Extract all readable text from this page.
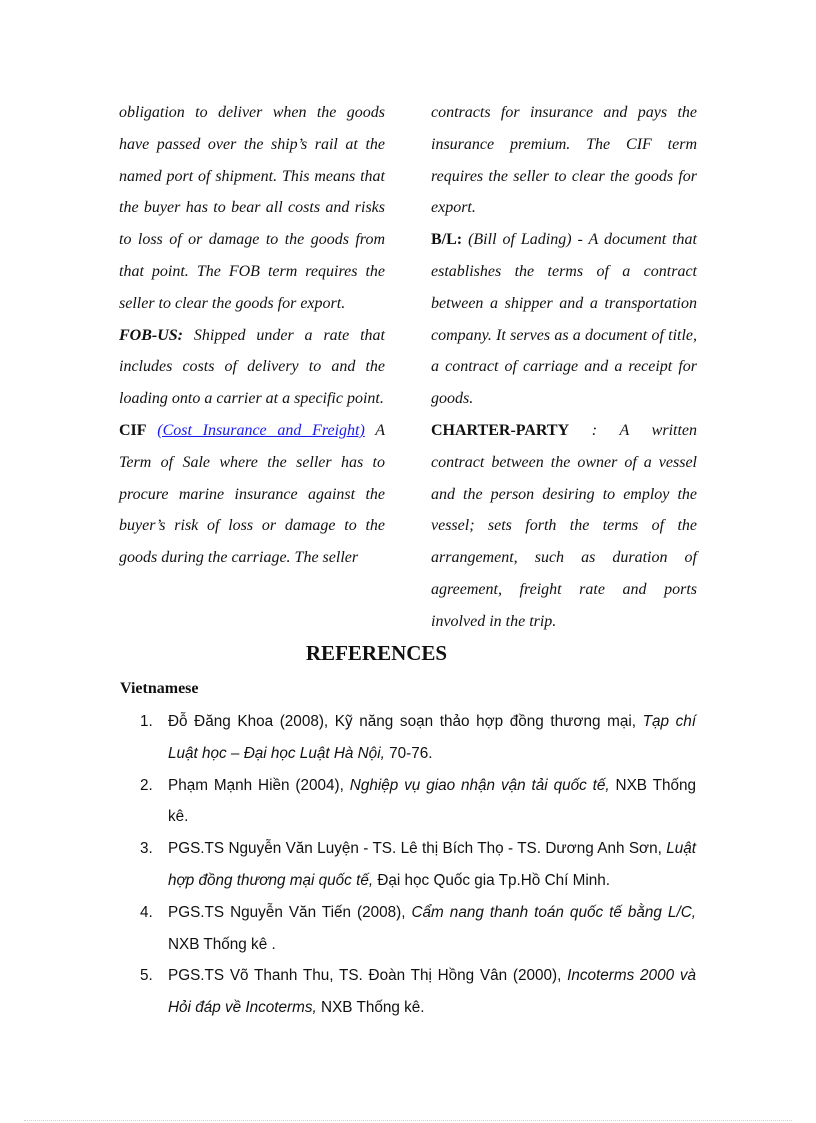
obligation to deliver when the goods have passed over the ship’s rail at the named port of shipment. This means that the buyer has to bear all costs and risks to loss of or damage to the goods from that point. The FOB term requires the seller to clear the goods for export.

FOB-US: Shipped under a rate that includes costs of delivery to and the loading onto a carrier at a specific point.

CIF (Cost Insurance and Freight) A Term of Sale where the seller has to procure marine insurance against the buyer’s risk of loss or damage to the goods during the carriage. The seller

contracts for insurance and pays the insurance premium. The CIF term requires the seller to clear the goods for export.

B/L: (Bill of Lading) - A document that establishes the terms of a contract between a shipper and a transportation company. It serves as a document of title, a contract of carriage and a receipt for goods.

CHARTER-PARTY : A written contract between the owner of a vessel and the person desiring to employ the vessel; sets forth the terms of the arrangement, such as duration of agreement, freight rate and ports involved in the trip.

REFERENCES
Vietnamese
1. Đỗ Đăng Khoa (2008), Kỹ năng soạn thảo hợp đồng thương mại, Tạp chí Luật học – Đại học Luật Hà Nội, 70-76.
2. Phạm Mạnh Hiền (2004), Nghiệp vụ giao nhận vận tải quốc tế, NXB Thống kê.
3. PGS.TS Nguyễn Văn Luyện - TS. Lê thị Bích Thọ - TS. Dương Anh Sơn, Luật hợp đồng thương mại quốc tế, Đại học Quốc gia Tp.Hồ Chí Minh.
4. PGS.TS Nguyễn Văn Tiến (2008), Cẩm nang thanh toán quốc tế bằng L/C, NXB Thống kê .
5. PGS.TS Võ Thanh Thu, TS. Đoàn Thị Hồng Vân (2000), Incoterms 2000 và Hỏi đáp về Incoterms, NXB Thống kê.
